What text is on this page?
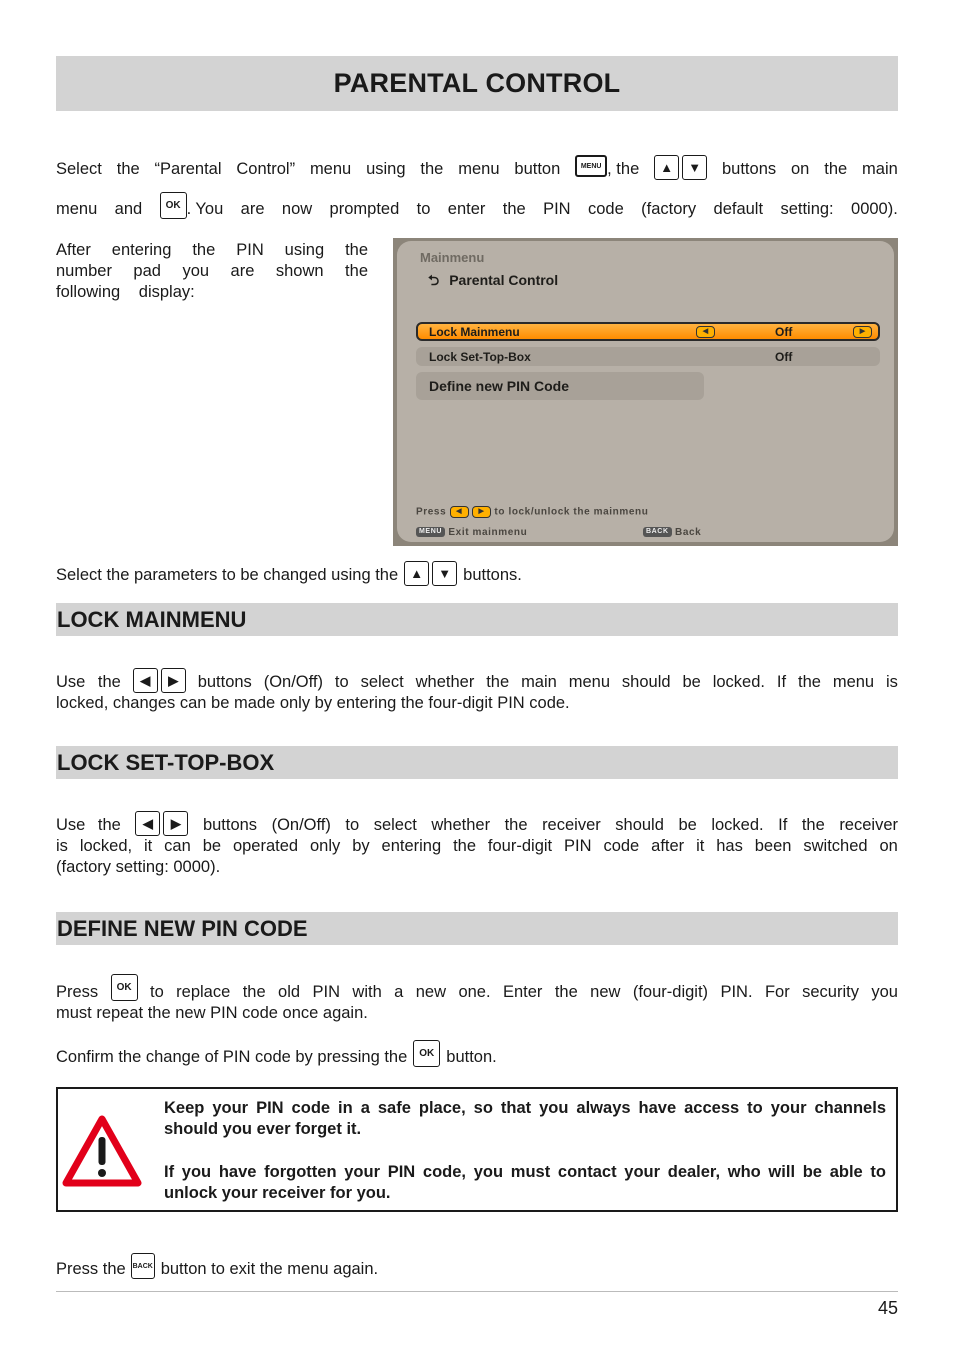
PARENTAL CONTROL
Select the “Parental Control” menu using the menu button	MENU , the	▲	▼	buttons on the main
menu and	OK . You are now prompted to enter the PIN code (factory default setting: 0000).
After entering the PIN using the number pad you are shown the following display:
Mainmenu
⮌ Parental Control
Lock Mainmenu	◀	Off	▶
Lock Set-Top-Box	Off
Define new PIN Code
Press ◀ ▶ to lock/unlock the mainmenu
MENU Exit mainmenu	BACK Back
Select the parameters to be changed using the ▲	▼ buttons.
LOCK MAINMENU
Use the	◀	▶	buttons (On/Off) to select whether the main menu should be locked. If the menu is
locked, changes can be made only by entering the four-digit PIN code.
LOCK SET-TOP-BOX
Use the	◀	▶	buttons (On/Off) to select whether the receiver should be locked. If the receiver
is locked, it can be operated only by entering the four-digit PIN code after it has been switched on
(factory setting: 0000).
DEFINE NEW PIN CODE
Press	OK	to replace the old PIN with a new one. Enter the new (four-digit) PIN. For security you
must repeat the new PIN code once again.
Confirm the change of PIN code by pressing the	OK button.
Keep your PIN code in a safe place, so that you always have access to your channels should you ever forget it.
If you have forgotten your PIN code, you must contact your dealer, who will be able to unlock your receiver for you.
Press the BACK button to exit the menu again.
45
